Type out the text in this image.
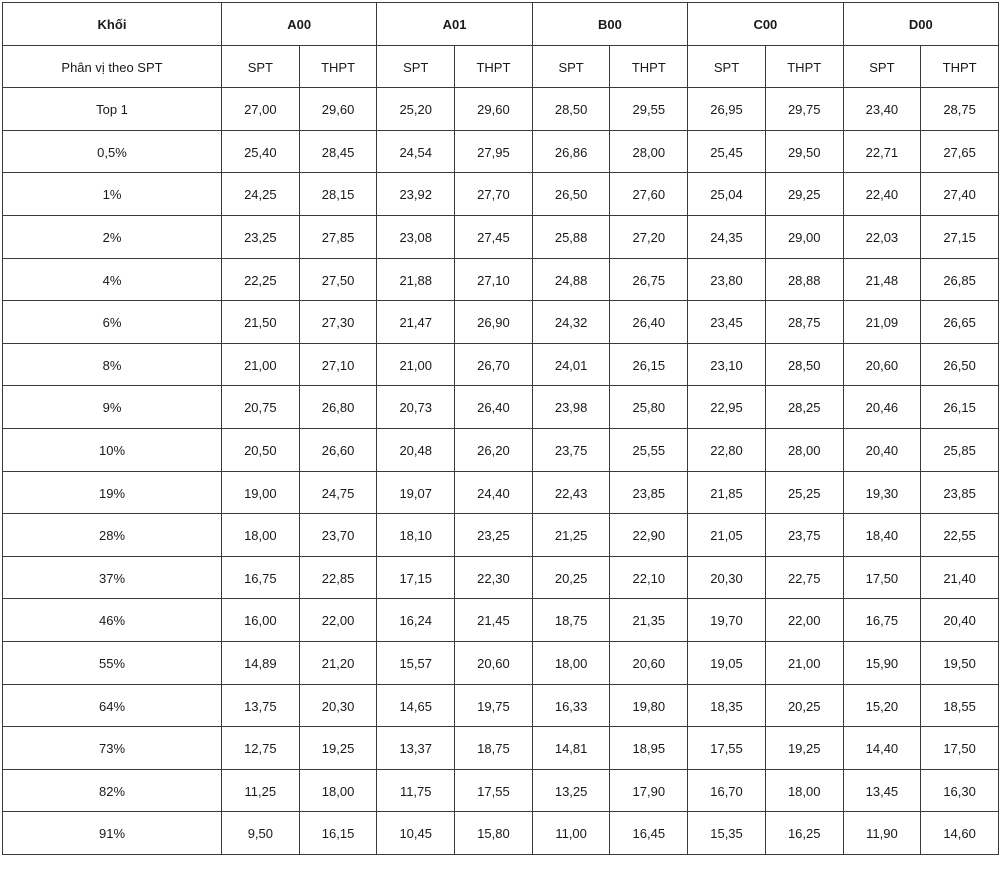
Khối	A00		A01		B00		C00		D00	
Phân vị theo SPT	SPT	THPT	SPT	THPT	SPT	THPT	SPT	THPT	SPT	THPT
Top 1	27,00	29,60	25,20	29,60	28,50	29,55	26,95	29,75	23,40	28,75
0,5%	25,40	28,45	24,54	27,95	26,86	28,00	25,45	29,50	22,71	27,65
1%	24,25	28,15	23,92	27,70	26,50	27,60	25,04	29,25	22,40	27,40
2%	23,25	27,85	23,08	27,45	25,88	27,20	24,35	29,00	22,03	27,15
4%	22,25	27,50	21,88	27,10	24,88	26,75	23,80	28,88	21,48	26,85
6%	21,50	27,30	21,47	26,90	24,32	26,40	23,45	28,75	21,09	26,65
8%	21,00	27,10	21,00	26,70	24,01	26,15	23,10	28,50	20,60	26,50
9%	20,75	26,80	20,73	26,40	23,98	25,80	22,95	28,25	20,46	26,15
10%	20,50	26,60	20,48	26,20	23,75	25,55	22,80	28,00	20,40	25,85
19%	19,00	24,75	19,07	24,40	22,43	23,85	21,85	25,25	19,30	23,85
28%	18,00	23,70	18,10	23,25	21,25	22,90	21,05	23,75	18,40	22,55
37%	16,75	22,85	17,15	22,30	20,25	22,10	20,30	22,75	17,50	21,40
46%	16,00	22,00	16,24	21,45	18,75	21,35	19,70	22,00	16,75	20,40
55%	14,89	21,20	15,57	20,60	18,00	20,60	19,05	21,00	15,90	19,50
64%	13,75	20,30	14,65	19,75	16,33	19,80	18,35	20,25	15,20	18,55
73%	12,75	19,25	13,37	18,75	14,81	18,95	17,55	19,25	14,40	17,50
82%	11,25	18,00	11,75	17,55	13,25	17,90	16,70	18,00	13,45	16,30
91%	9,50	16,15	10,45	15,80	11,00	16,45	15,35	16,25	11,90	14,60
